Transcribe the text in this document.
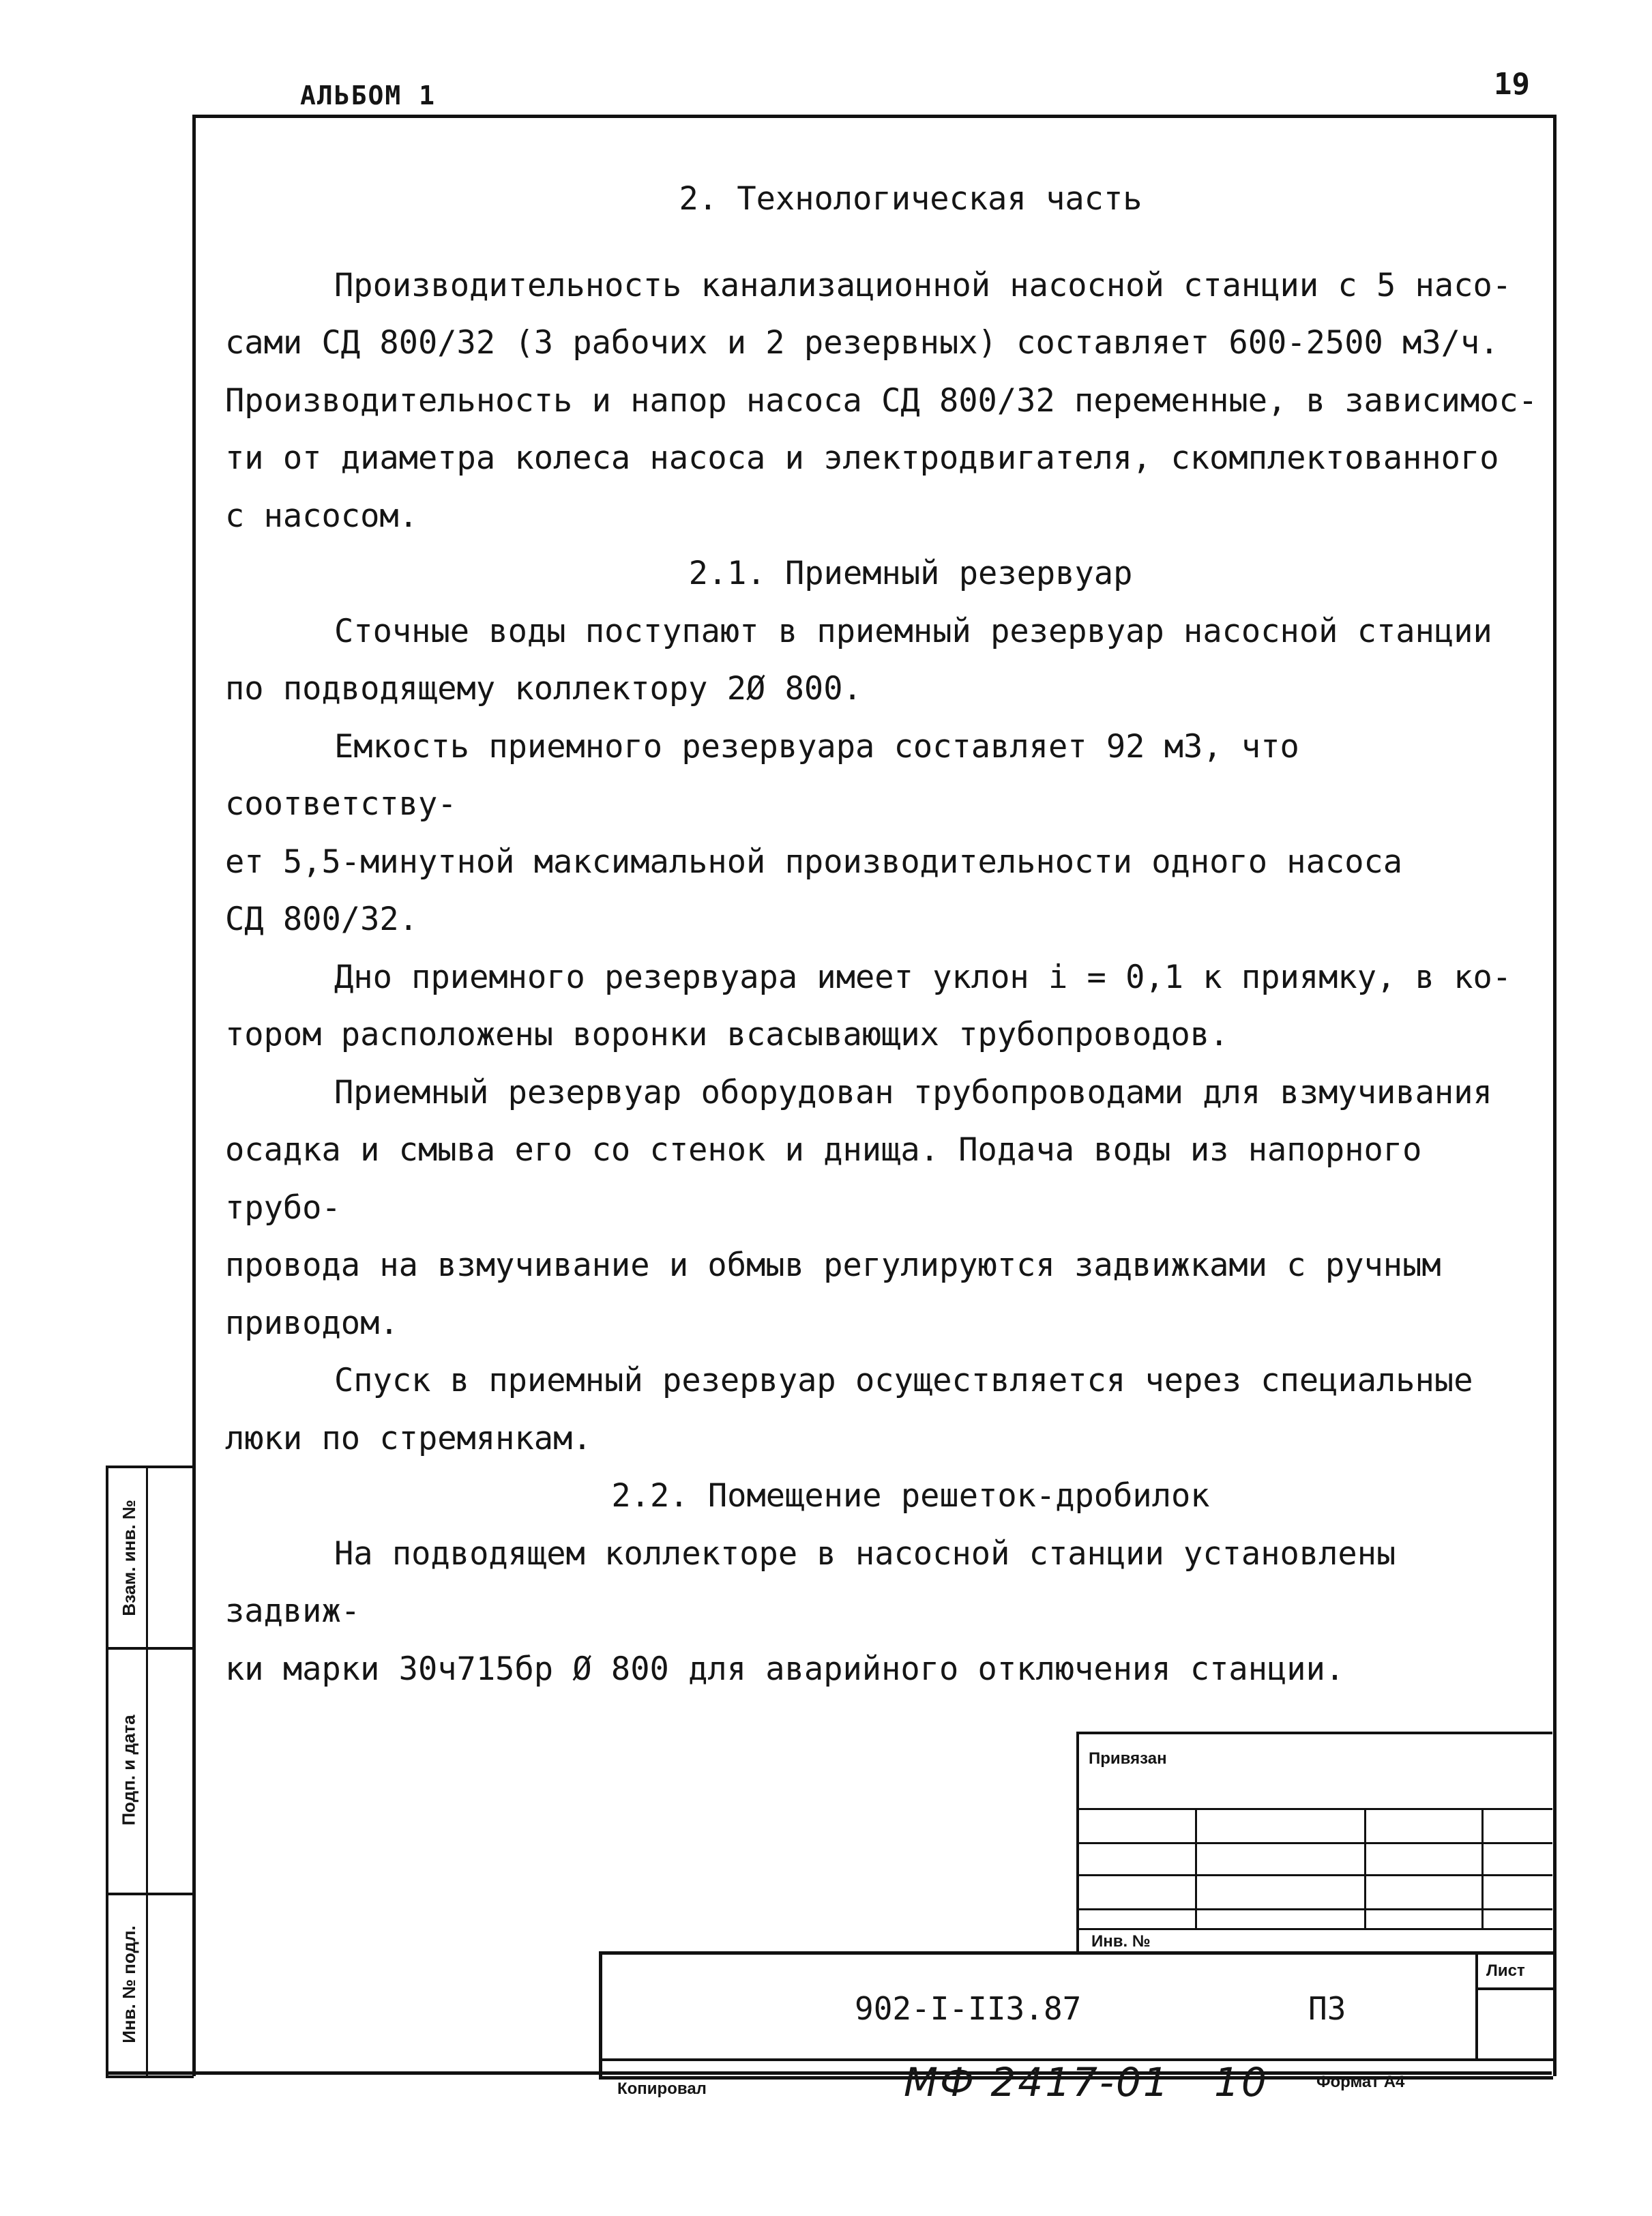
АЛЬБОМ 1	19

2. Технологическая часть

Производительность канализационной насосной станции с 5 насо-

сами СД 800/32 (3 рабочих и 2 резервных) составляет 600-2500 м3/ч.

Производительность и напор насоса СД 800/32 переменные, в зависимос-

ти от диаметра колеса насоса и электродвигателя, скомплектованного

с насосом.

2.1. Приемный резервуар

Сточные воды поступают в приемный резервуар насосной станции

по подводящему коллектору 2Ø 800.

Емкость приемного резервуара составляет 92 м3, что соответству-

ет 5,5-минутной максимальной производительности одного насоса

СД 800/32.

Дно приемного резервуара имеет уклон i = 0,1 к приямку, в ко-

тором расположены воронки всасывающих трубопроводов.

Приемный резервуар оборудован трубопроводами для взмучивания

осадка и смыва его со стенок и днища. Подача воды из напорного трубо-

провода на взмучивание и обмыв регулируются задвижками с ручным

приводом.

Спуск в приемный резервуар осуществляется через специальные

люки по стремянкам.

2.2. Помещение решеток-дробилок

На подводящем коллекторе в насосной станции установлены задвиж-

ки марки 30ч715бр Ø 800 для аварийного отключения станции.

Взам. инв. №
Подп. и дата
Инв. № подл.
Привязан
Инв. №
902-I-II3.87	ПЗ
Лист
Копировал	МФ 2417-01 10	Формат А4
